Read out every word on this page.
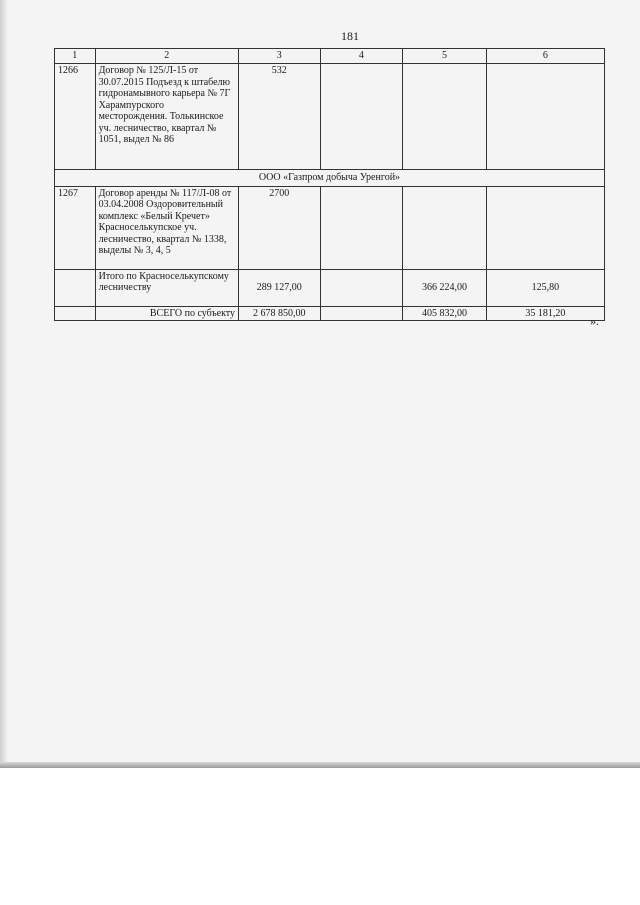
181
1	2	3	4	5	6
1266	Договор № 125/Л-15 от 30.07.2015 Подъезд к штабелю гидронамывного карьера № 7Г Харампурского месторождения. Толькинское уч. лесничество, квартал № 1051, выдел № 86	532			
ООО «Газпром добыча Уренгой»					
1267	Договор аренды № 117/Л-08 от 03.04.2008 Оздоровительный комплекс «Белый Кречет» Красноселькупское уч. лесничество, квартал № 1338, выделы № 3, 4, 5	2700			
	Итого по Красноселькупскому лесничеству	289 127,00		366 224,00	125,80
	ВСЕГО по субъекту	2 678 850,00		405 832,00	35 181,20
».
